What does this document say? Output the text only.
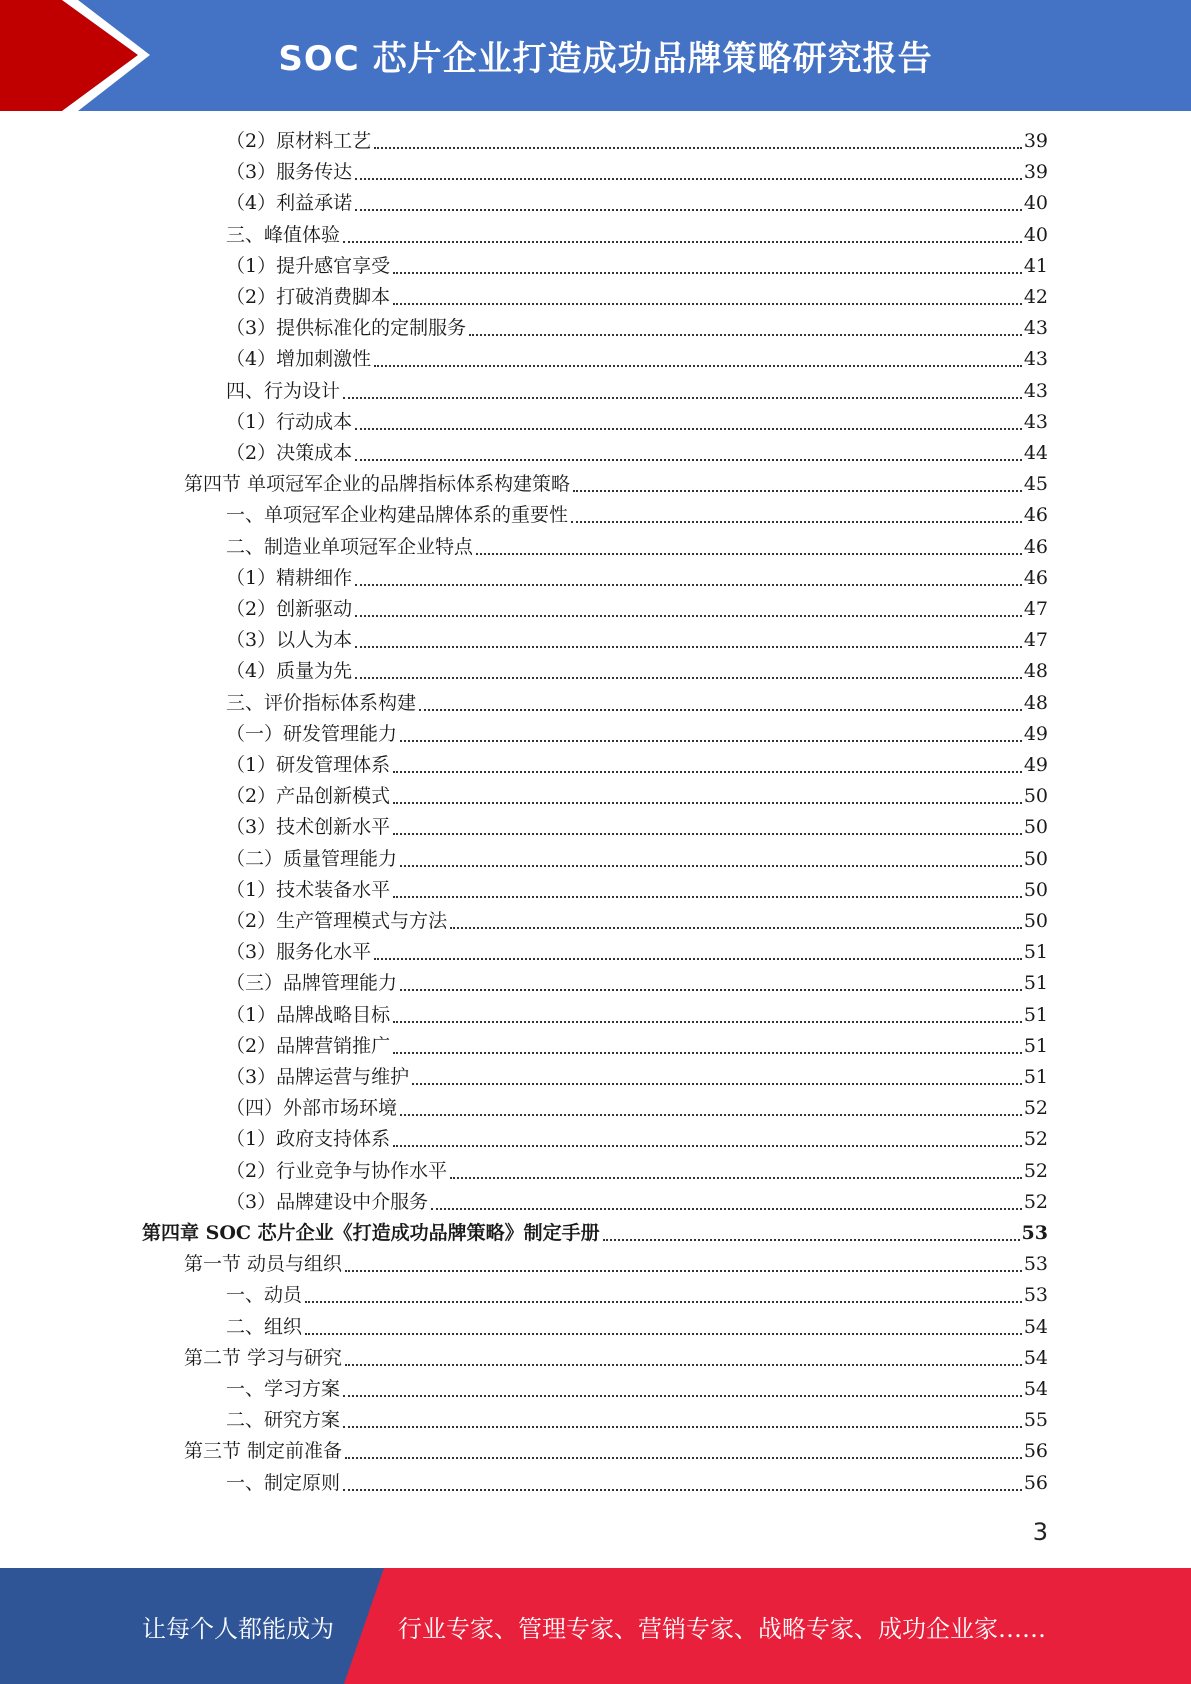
SOC 芯片企业打造成功品牌策略研究报告
（2）原材料工艺	39
（3）服务传达	39
（4）利益承诺	40
三、峰值体验	40
（1）提升感官享受	41
（2）打破消费脚本	42
（3）提供标准化的定制服务	43
（4）增加刺激性	43
四、行为设计	43
（1）行动成本	43
（2）决策成本	44
第四节 单项冠军企业的品牌指标体系构建策略	45
一、单项冠军企业构建品牌体系的重要性	46
二、制造业单项冠军企业特点	46
（1）精耕细作	46
（2）创新驱动	47
（3）以人为本	47
（4）质量为先	48
三、评价指标体系构建	48
（一）研发管理能力	49
（1）研发管理体系	49
（2）产品创新模式	50
（3）技术创新水平	50
（二）质量管理能力	50
（1）技术装备水平	50
（2）生产管理模式与方法	50
（3）服务化水平	51
（三）品牌管理能力	51
（1）品牌战略目标	51
（2）品牌营销推广	51
（3）品牌运营与维护	51
（四）外部市场环境	52
（1）政府支持体系	52
（2）行业竞争与协作水平	52
（3）品牌建设中介服务	52
第四章 SOC 芯片企业《打造成功品牌策略》制定手册	53
第一节 动员与组织	53
一、动员	53
二、组织	54
第二节 学习与研究	54
一、学习方案	54
二、研究方案	55
第三节 制定前准备	56
一、制定原则	56
3
让每个人都能成为	行业专家、管理专家、营销专家、战略专家、成功企业家……
